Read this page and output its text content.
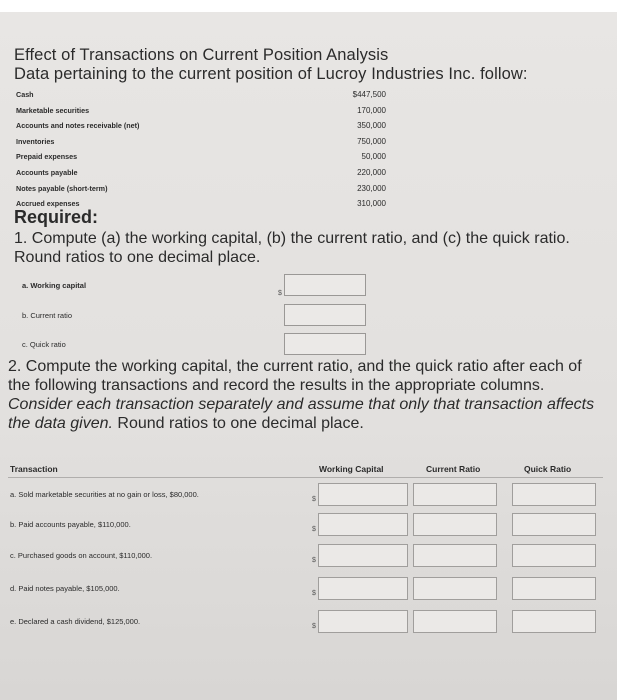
Effect of Transactions on Current Position Analysis
Data pertaining to the current position of Lucroy Industries Inc. follow:
Cash	$447,500
Marketable securities	170,000
Accounts and notes receivable (net)	350,000
Inventories	750,000
Prepaid expenses	50,000
Accounts payable	220,000
Notes payable (short-term)	230,000
Accrued expenses	310,000
Required:
1. Compute (a) the working capital, (b) the current ratio, and (c) the quick ratio. Round ratios to one decimal place.
a. Working capital
$
b. Current ratio
c. Quick ratio
2. Compute the working capital, the current ratio, and the quick ratio after each of the following transactions and record the results in the appropriate columns. Consider each transaction separately and assume that only that transaction affects the data given. Round ratios to one decimal place.
Transaction	Working Capital	Current Ratio	Quick Ratio
a. Sold marketable securities at no gain or loss, $80,000.
$
b. Paid accounts payable, $110,000.
$
c. Purchased goods on account, $110,000.
$
d. Paid notes payable, $105,000.
$
e. Declared a cash dividend, $125,000.
$
